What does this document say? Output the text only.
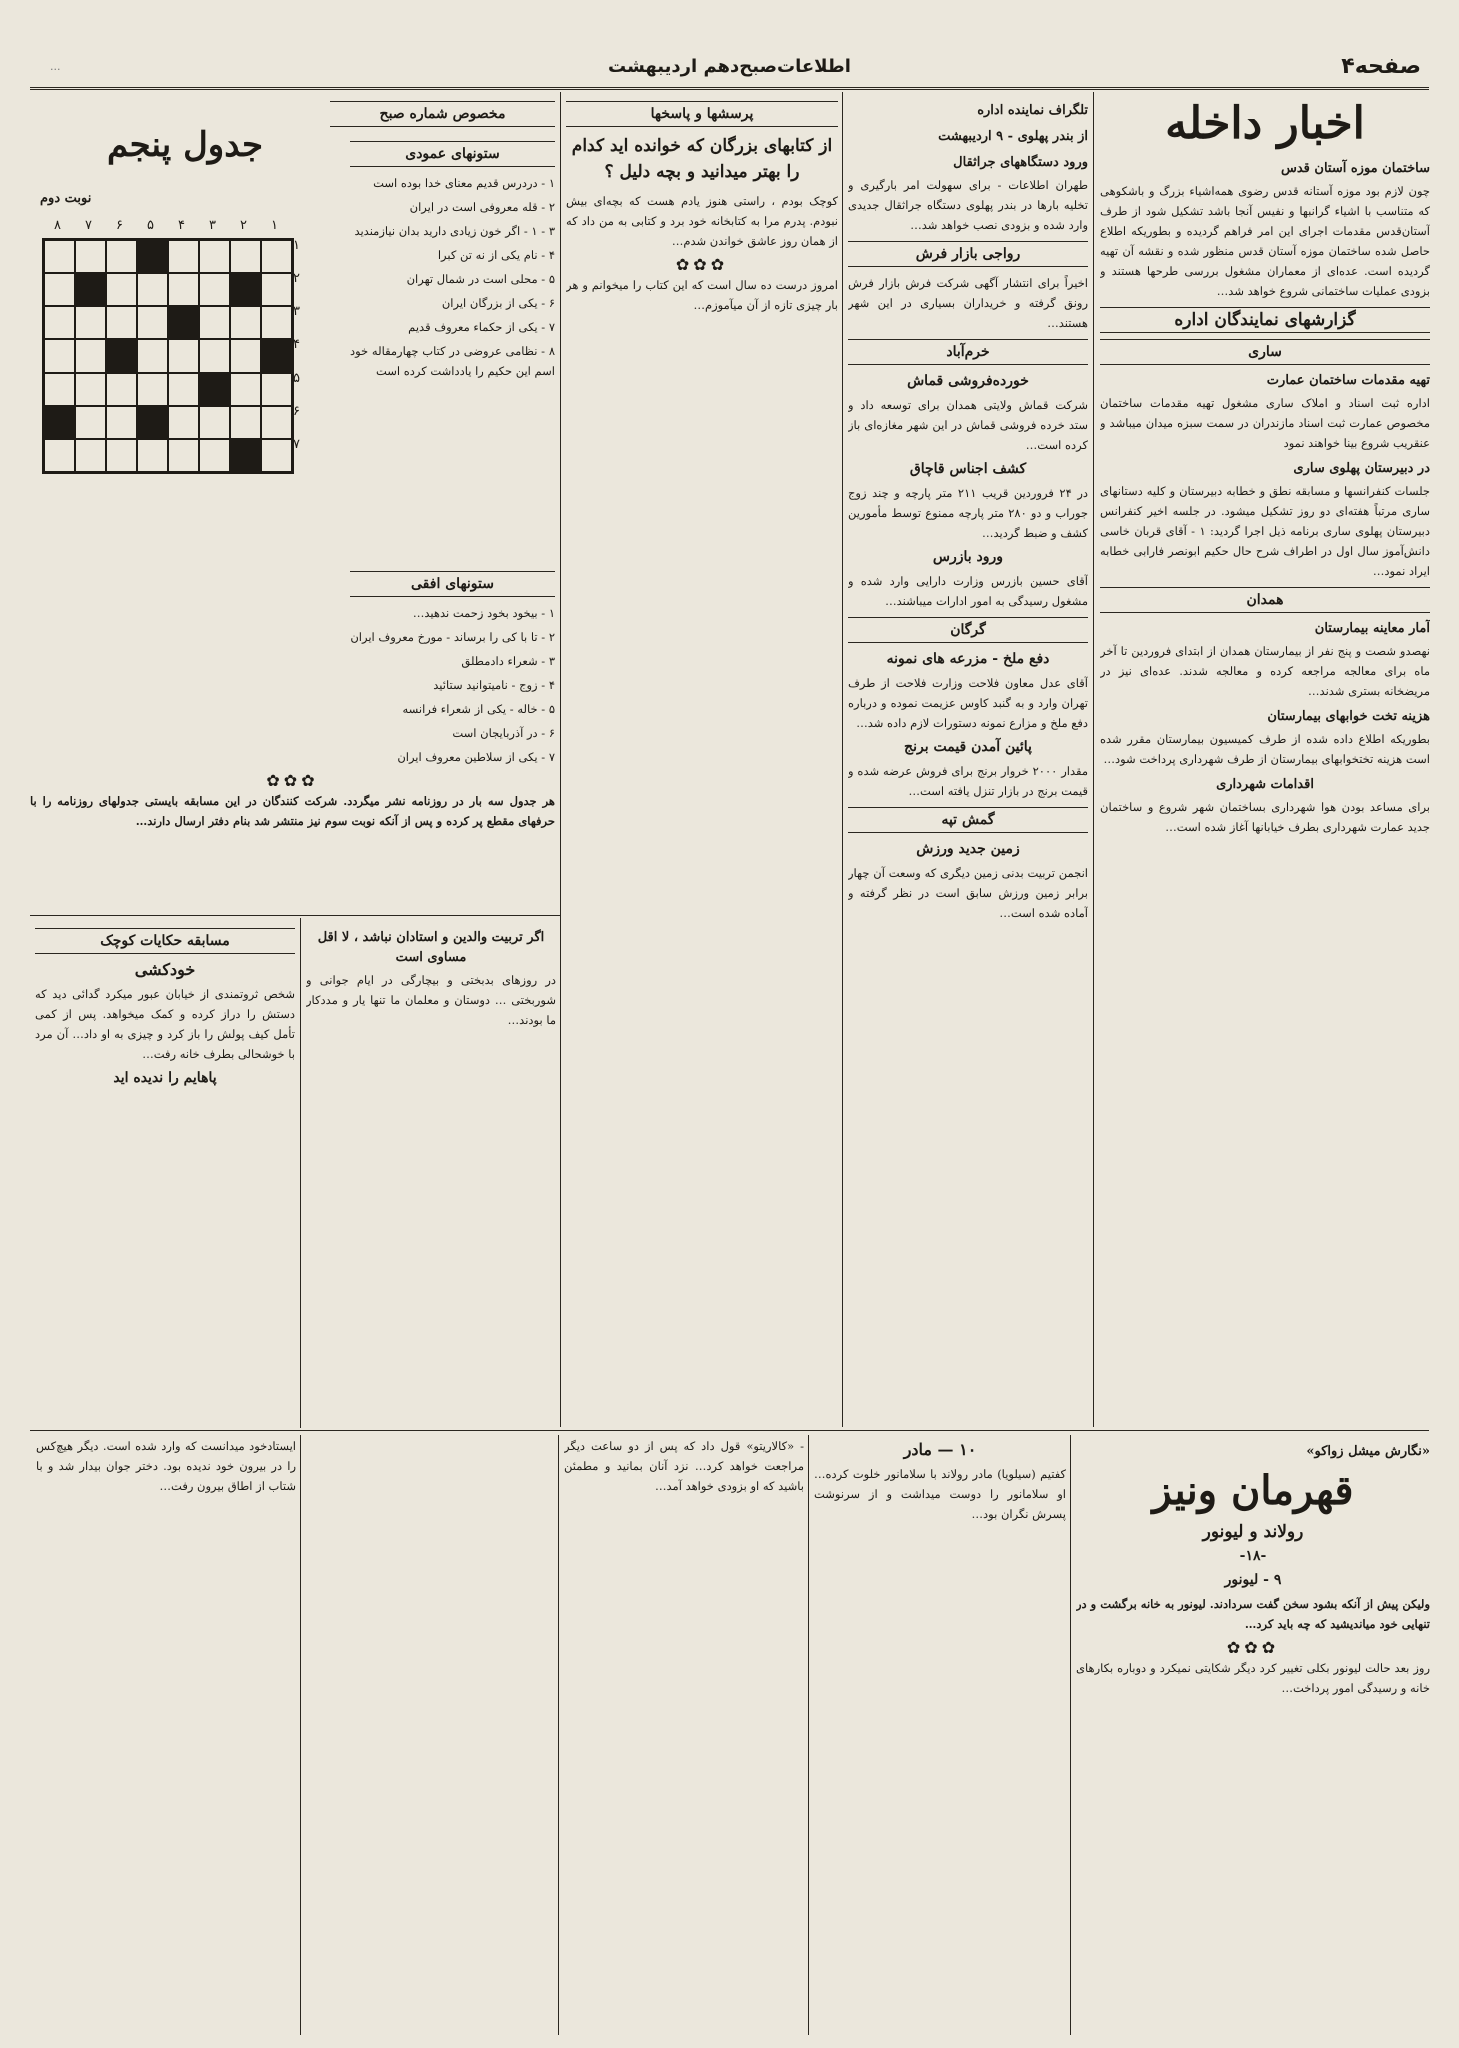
صفحه۴
اطلاعات‌صبح‌دهم اردیبهشت
...
اخبار داخله
ساختمان موزه آستان قدس

چون لازم بود موزه آستانه قدس رضوی همه‌اشیاء بزرگ و باشکوهی که متناسب با اشیاء گرانبها و نفیس آنجا باشد تشکیل شود از طرف آستان‌قدس مقدمات اجرای این امر فراهم گردیده و بطوریکه اطلاع حاصل شده ساختمان موزه آستان قدس منظور شده و نقشه آن تهیه گردیده است. عده‌ای از معماران مشغول بررسی طرحها هستند و بزودی عملیات ساختمانی شروع خواهد شد…

گزارشهای نمایندگان اداره
ساری
تهیه مقدمات ساختمان عمارت

اداره ثبت اسناد و املاک ساری مشغول تهیه مقدمات ساختمان مخصوص عمارت ثبت اسناد مازندران در سمت سبزه میدان میباشد و عنقریب شروع بینا خواهند نمود

در دبیرستان پهلوی ساری

جلسات کنفرانسها و مسابقه نطق و خطابه دبیرستان و کلیه دستانهای ساری مرتباً هفته‌ای دو روز تشکیل میشود. در جلسه اخیر کنفرانس دبیرستان پهلوی ساری برنامه ذیل اجرا گردید: ۱ - آقای قربان خاسی دانش‌آموز سال اول در اطراف شرح حال حکیم ابونصر فارابی خطابه ایراد نمود…

همدان
آمار معاینه بیمارستان

نهصدو شصت و پنج نفر از بیمارستان همدان از ابتدای فروردین تا آخر ماه برای معالجه مراجعه کرده و معالجه شدند. عده‌ای نیز در مریضخانه بستری شدند…

هزینه تخت خوابهای بیمارستان

بطوریکه اطلاع داده شده از طرف کمیسیون بیمارستان مقرر شده است هزینه تختخوابهای بیمارستان از طرف شهرداری پرداخت شود…

اقدامات شهرداری

برای مساعد بودن هوا شهرداری بساختمان شهر شروع و ساختمان جدید عمارت شهرداری بطرف خیابانها آغاز شده است…

تلگراف نماینده اداره
از بندر پهلوی - ۹ اردیبهشت
ورود دستگاههای جراثقال

طهران اطلاعات - برای سهولت امر بارگیری و تخلیه بارها در بندر پهلوی دستگاه جراثقال جدیدی وارد شده و بزودی نصب خواهد شد…

رواجی بازار فرش

اخیراً برای انتشار آگهی شرکت فرش بازار فرش رونق گرفته و خریداران بسیاری در این شهر هستند…

خرم‌آباد
خورده‌فروشی قماش

شرکت قماش ولایتی همدان برای توسعه داد و ستد خرده فروشی قماش در این شهر مغازه‌ای باز کرده است…

کشف اجناس قاچاق

در ۲۴ فروردین قریب ۲۱۱ متر پارچه و چند زوج جوراب و دو ۲۸۰ متر پارچه ممنوع توسط مأمورین کشف و ضبط گردید…

ورود بازرس

آقای حسین بازرس وزارت دارایی وارد شده و مشغول رسیدگی به امور ادارات میباشند…

گرگان
دفع ملخ - مزرعه های نمونه

آقای عدل معاون فلاحت وزارت فلاحت از طرف تهران وارد و به گنبد کاوس عزیمت نموده و درباره دفع ملخ و مزارع نمونه دستورات لازم داده شد…

پائین آمدن قیمت برنج

مقدار ۲۰۰۰ خروار برنج برای فروش عرضه شده و قیمت برنج در بازار تنزل یافته است…

گمش تپه
زمین جدید ورزش

انجمن تربیت بدنی زمین دیگری که وسعت آن چهار برابر زمین ورزش سابق است در نظر گرفته و آماده شده است…

پرسشها و پاسخها
از کتابهای بزرگان که خوانده اید کدام را بهتر میدانید و بچه دلیل ؟

کوچک بودم ، راستی هنوز یادم هست که بچه‌ای بیش نبودم. پدرم مرا به کتابخانه خود برد و کتابی به من داد که از همان روز عاشق خواندن شدم…

✿✿✿

امروز درست ده سال است که این کتاب را میخوانم و هر بار چیزی تازه از آن میآموزم…

مخصوص شماره صبح
جدول پنجم
نوبت دوم
ستونهای عمودی

۱ - دردرس قدیم معنای خدا بوده است

۲ - قله معروفی است در ایران

۳ - ۱ - اگر خون زیادی دارید بدان نیازمندید

۴ - نام یکی از نه تن کبرا

۵ - محلی است در شمال تهران

۶ - یکی از بزرگان ایران

۷ - یکی از حکماء معروف قدیم

۸ - نظامی عروضی در کتاب چهارمقاله خود اسم این حکیم را یادداشت کرده است

ستونهای افقی

۱ - بیخود بخود زحمت ندهید…

۲ - تا با کی را برساند - مورخ معروف ایران

۳ - شعراء دادمطلق

۴ - زوج - نامیتوانید ستائید

۵ - خاله - یکی از شعراء فرانسه

۶ - در آذربایجان است

۷ - یکی از سلاطین معروف ایران

✿✿✿

هر جدول سه بار در روزنامه نشر میگردد. شرکت کنندگان در این مسابقه بایستی جدولهای روزنامه را با حرفهای مقطع پر کرده و پس از آنکه نوبت سوم نیز منتشر شد بنام دفتر ارسال دارند…

۱
۲
۳
۴
۵
۶
۷
۸
۱
۲
۳
۴
۵
۶
۷
مسابقه حکایات کوچک
خودکشی

شخص ثروتمندی از خیابان عبور میکرد گدائی دید که دستش را دراز کرده و کمک میخواهد. پس از کمی تأمل کیف پولش را باز کرد و چیزی به او داد… آن مرد با خوشحالی بطرف خانه رفت…

پاهایم را ندیده اید
اگر تربیت والدین و استادان نباشد ، لا اقل مساوی است

در روزهای بدبختی و بیچارگی در ایام جوانی و شوربختی … دوستان و معلمان ما تنها یار و مددکار ما بودند…

«نگارش میشل زواکو»
قهرمان ونیز
رولاند و لیونور
-۱۸-
۹ - لیونور

ولیکن پیش از آنکه بشود سخن گفت سردادند. لیونور به خانه برگشت و در تنهایی خود میاندیشید که چه باید کرد…

✿✿✿

روز بعد حالت لیونور بکلی تغییر کرد دیگر شکایتی نمیکرد و دوباره بکارهای خانه و رسیدگی امور پرداخت…

۱۰ — مادر

کفتیم (سیلویا) مادر رولاند با سلامانور خلوت کرده… او سلامانور را دوست میداشت و از سرنوشت پسرش نگران بود…

- «کالاریتو» قول داد که پس از دو ساعت دیگر مراجعت خواهد کرد… نزد آنان بمانید و مطمئن باشید که او بزودی خواهد آمد…

ایستادخود میدانست که وارد شده است. دیگر هیچ‌کس را در بیرون خود ندیده بود. دختر جوان بیدار شد و با شتاب از اطاق بیرون رفت…
